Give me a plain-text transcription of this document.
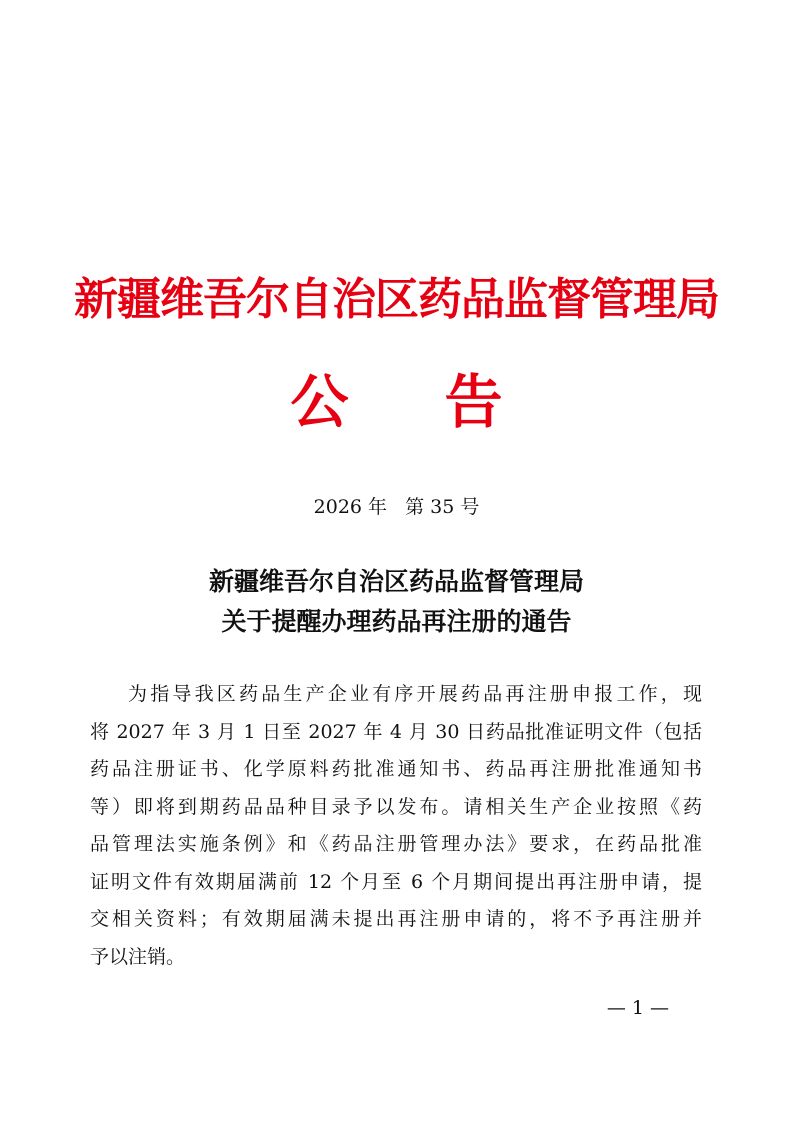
新疆维吾尔自治区药品监督管理局
公 告
2026 年 第 35 号
新疆维吾尔自治区药品监督管理局
关于提醒办理药品再注册的通告
为指导我区药品生产企业有序开展药品再注册申报工作，现
将 2027 年 3 月 1 日至 2027 年 4 月 30 日药品批准证明文件（包括
药品注册证书、化学原料药批准通知书、药品再注册批准通知书
等）即将到期药品品种目录予以发布。请相关生产企业按照《药
品管理法实施条例》和《药品注册管理办法》要求，在药品批准
证明文件有效期届满前 12 个月至 6 个月期间提出再注册申请，提
交相关资料；有效期届满未提出再注册申请的，将不予再注册并
予以注销。
— 1 —
